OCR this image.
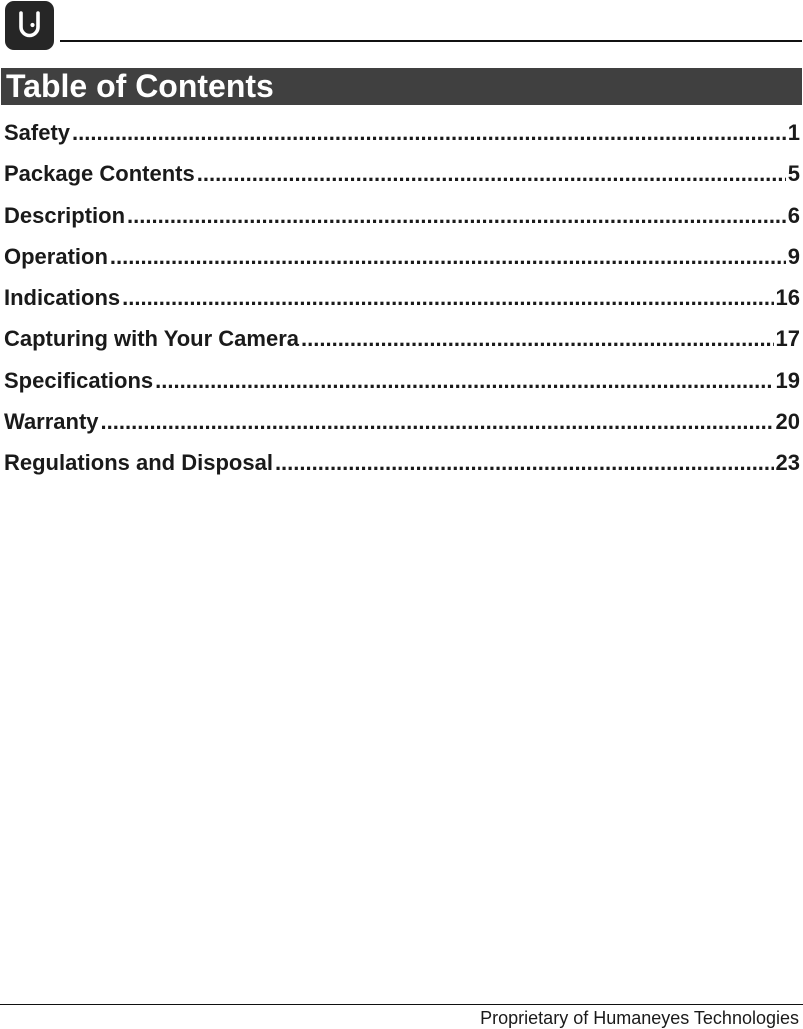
Table of Contents
Safety .....	1
Package Contents .....	5
Description .....	6
Operation .....	9
Indications .....	16
Capturing with Your Camera .....	17
Specifications .....	19
Warranty .....	20
Regulations and Disposal .....	23
Proprietary of Humaneyes Technologies
